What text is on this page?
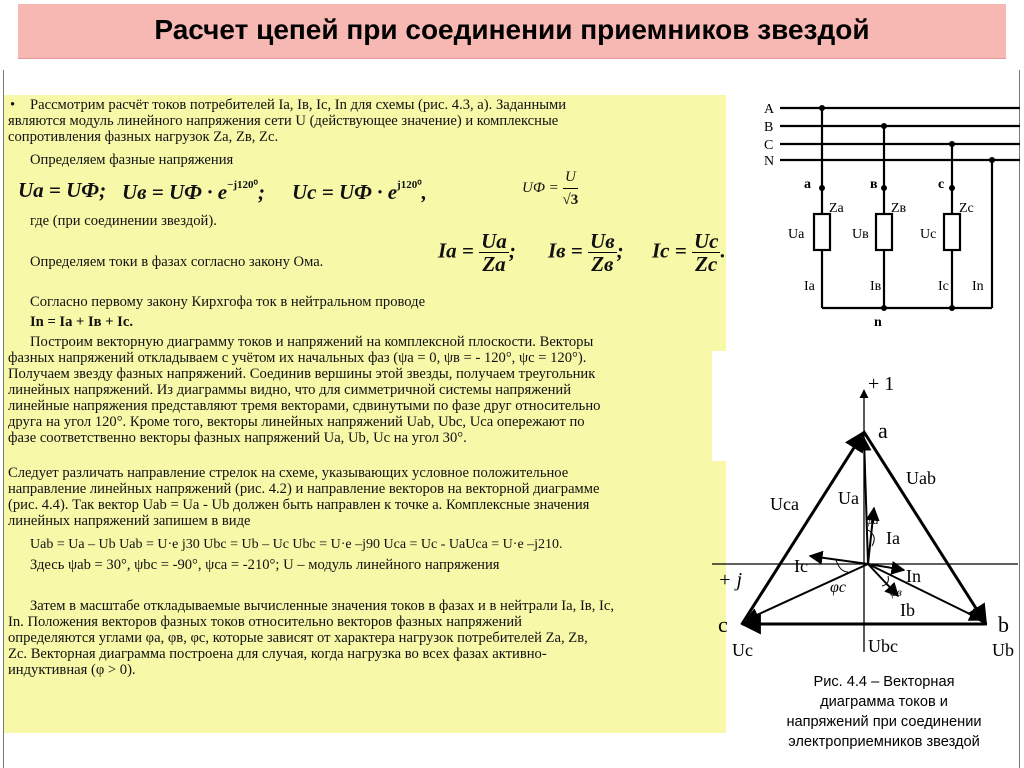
Расчет цепей при соединении приемников звездой
• Рассмотрим расчёт токов потребителей Ia, Iв, Ic, In для схемы (рис. 4.3, а). Заданными
являются модуль линейного напряжения сети U (действующее значение) и комплексные
сопротивления фазных нагрузок Za, Zв, Zc.
Определяем фазные напряжения
Ua = UФ; Uв = UФ · $e^{-j120^0}$; Uc = UФ · $e^{j120^0}$,	UФ = $\frac{U}{√3}$
где (при соединении звездой).
Определяем токи в фазах согласно закону Ома.	$Ia = \frac{Ua}{Za}$ ; Iв = $\frac{Uв}{Zв}$ ; $Ic = \frac{Uc}{Zc}$ .
Согласно первому закону Кирхгофа ток в нейтральном проводе
In = Ia + Iв + Ic.
Построим векторную диаграмму токов и напряжений на комплексной плоскости. Векторы
фазных напряжений откладываем с учётом их начальных фаз (ψa = 0, ψв = - 120°, ψc = 120°).
Получаем звезду фазных напряжений. Соединив вершины этой звезды, получаем треугольник
линейных напряжений. Из диаграммы видно, что для симметричной системы напряжений
линейные напряжения представляют тремя векторами, сдвинутыми по фазе друг относительно
друга на угол 120°. Кроме того, векторы линейных напряжений Uab, Ubc, Uca опережают по
фазе соответственно векторы фазных напряжений Ua, Ub, Uc на угол 30°.
Следует различать направление стрелок на схеме, указывающих условное положительное
направление линейных напряжений (рис. 4.2) и направление векторов на векторной диаграмме
(рис. 4.4). Так вектор Uab = Ua - Ub должен быть направлен к точке а. Комплексные значения
линейных напряжений запишем в виде
Uab = Ua – Ub Uab = U·e j30 Ubc = Ub – Uc Ubc = U·e –j90 Uca = Uc - UaUca = U·e –j210.
Здесь ψab = 30°, ψbc = -90°, ψca = -210°; U – модуль линейного напряжения
Затем в масштабе откладываемые вычисленные значения токов в фазах и в нейтрали Ia, Iв, Ic,
In. Положения векторов фазных токов относительно векторов фазных напряжений
определяются углами φa, φв, φc, которые зависят от характера нагрузок потребителей Za, Zв,
Zc. Векторная диаграмма построена для случая, когда нагрузка во всех фазах активно-
индуктивная (φ > 0).
A
B
C
N
a	в	c
Za	Zв	Zc
Ua	Uв	Uc
Ia	Iв	Ic In
n
+ 1
+ j
a
b
c
Ua
Ub
Uc
Uab
Ubc
Uca
Ia
Ib
Ic	In
φa
φв
φc
Рис. 4.4 – Векторная
диаграмма токов и
напряжений при соединении
электроприемников звездой
